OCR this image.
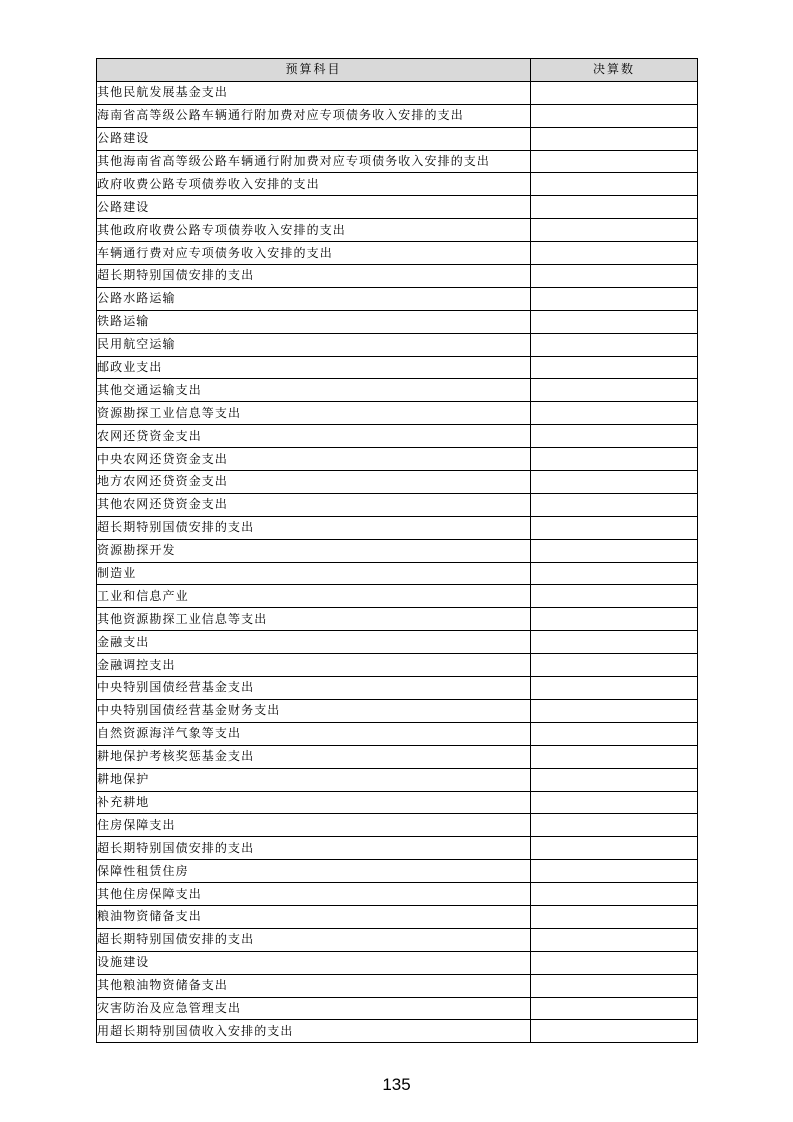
预算科目	决算数
其他民航发展基金支出	
海南省高等级公路车辆通行附加费对应专项债务收入安排的支出	
公路建设	
其他海南省高等级公路车辆通行附加费对应专项债务收入安排的支出	
政府收费公路专项债券收入安排的支出	
公路建设	
其他政府收费公路专项债券收入安排的支出	
车辆通行费对应专项债务收入安排的支出	
超长期特别国债安排的支出	
公路水路运输	
铁路运输	
民用航空运输	
邮政业支出	
其他交通运输支出	
资源勘探工业信息等支出	
农网还贷资金支出	
中央农网还贷资金支出	
地方农网还贷资金支出	
其他农网还贷资金支出	
超长期特别国债安排的支出	
资源勘探开发	
制造业	
工业和信息产业	
其他资源勘探工业信息等支出	
金融支出	
金融调控支出	
中央特别国债经营基金支出	
中央特别国债经营基金财务支出	
自然资源海洋气象等支出	
耕地保护考核奖惩基金支出	
耕地保护	
补充耕地	
住房保障支出	
超长期特别国债安排的支出	
保障性租赁住房	
其他住房保障支出	
粮油物资储备支出	
超长期特别国债安排的支出	
设施建设	
其他粮油物资储备支出	
灾害防治及应急管理支出	
用超长期特别国债收入安排的支出	
135
